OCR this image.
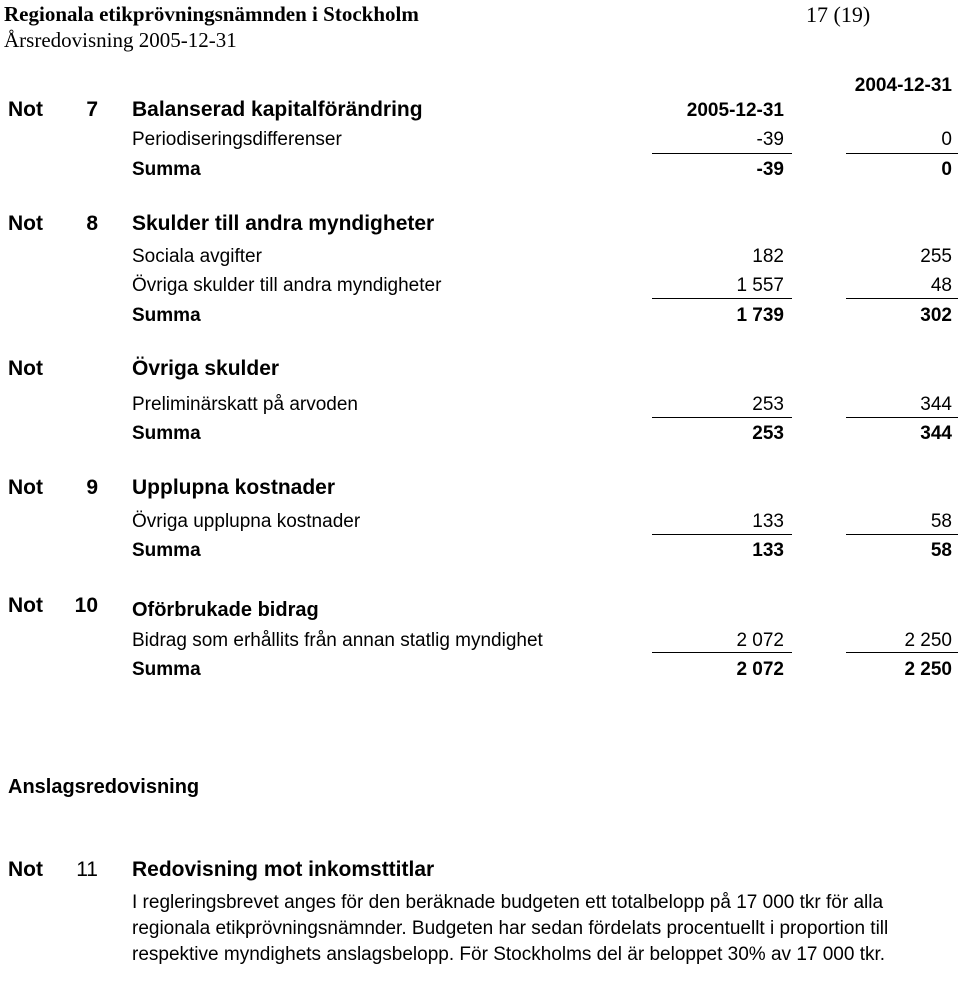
Regionala etikprövningsnämnden i Stockholm	17 (19)
Årsredovisning 2005-12-31
2005-12-31
2004-12-31
Not	7 Balanserad kapitalförändring
Periodiseringsdifferenser	-39	0
Summa	-39	0
Not	8 Skulder till andra myndigheter
Sociala avgifter	182	255
Övriga skulder till andra myndigheter	1 557	48
Summa	1 739	302
Not	Övriga skulder
Preliminärskatt på arvoden	253	344
Summa	253	344
Not	9 Upplupna kostnader
Övriga upplupna kostnader	133	58
Summa	133	58
Not	10 Oförbrukade bidrag
Bidrag som erhållits från annan statlig myndighet	2 072	2 250
Summa	2 072	2 250
Anslagsredovisning
Not	11 Redovisning mot inkomsttitlar
I regleringsbrevet anges för den beräknade budgeten ett totalbelopp på 17 000 tkr för alla regionala etikprövningsnämnder. Budgeten har sedan fördelats procentuellt i proportion till respektive myndighets anslagsbelopp. För Stockholms del är beloppet 30% av 17 000 tkr.
